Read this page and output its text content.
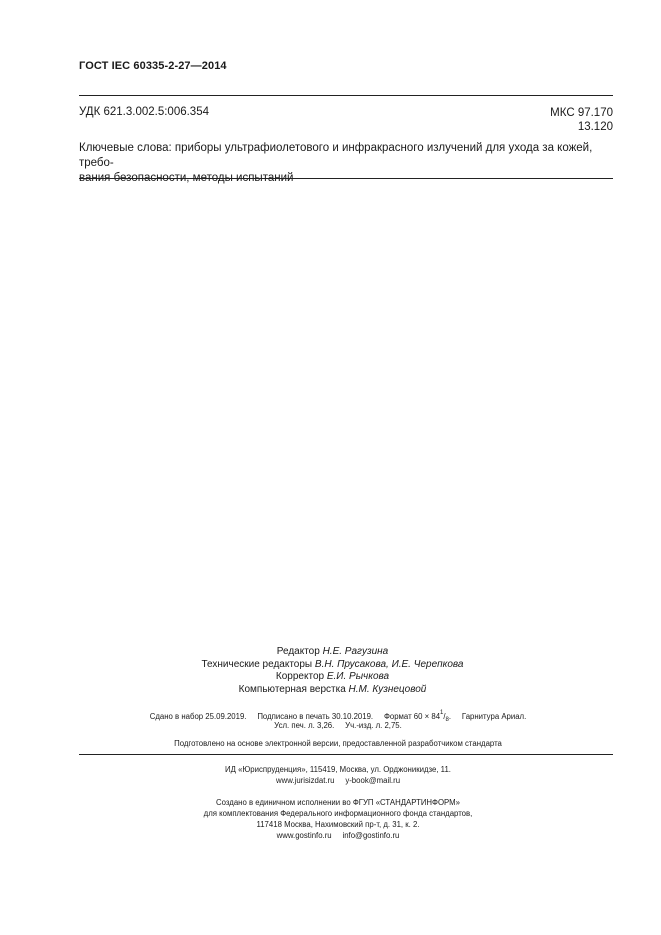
ГОСТ IEC 60335-2-27—2014
УДК 621.3.002.5:006.354	МКС 97.170
13.120
Ключевые слова: приборы ультрафиолетового и инфракрасного излучений для ухода за кожей, требо-
вания безопасности, методы испытаний
Редактор Н.Е. Рагузина
Технические редакторы В.Н. Прусакова, И.Е. Черепкова
Корректор Е.И. Рычкова
Компьютерная верстка Н.М. Кузнецовой
Сдано в набор 25.09.2019. Подписано в печать 30.10.2019. Формат $60 \times 84^1/_8$. Гарнитура Ариал.
Усл. печ. л. 3,26. Уч.-изд. л. 2,75.
Подготовлено на основе электронной версии, предоставленной разработчиком стандарта
ИД «Юриспруденция», 115419, Москва, ул. Орджоникидзе, 11.
www.jurisizdat.ru y-book@mail.ru
Создано в единичном исполнении во ФГУП «СТАНДАРТИНФОРМ»
для комплектования Федерального информационного фонда стандартов,
117418 Москва, Нахимовский пр-т, д. 31, к. 2.
www.gostinfo.ru info@gostinfo.ru
